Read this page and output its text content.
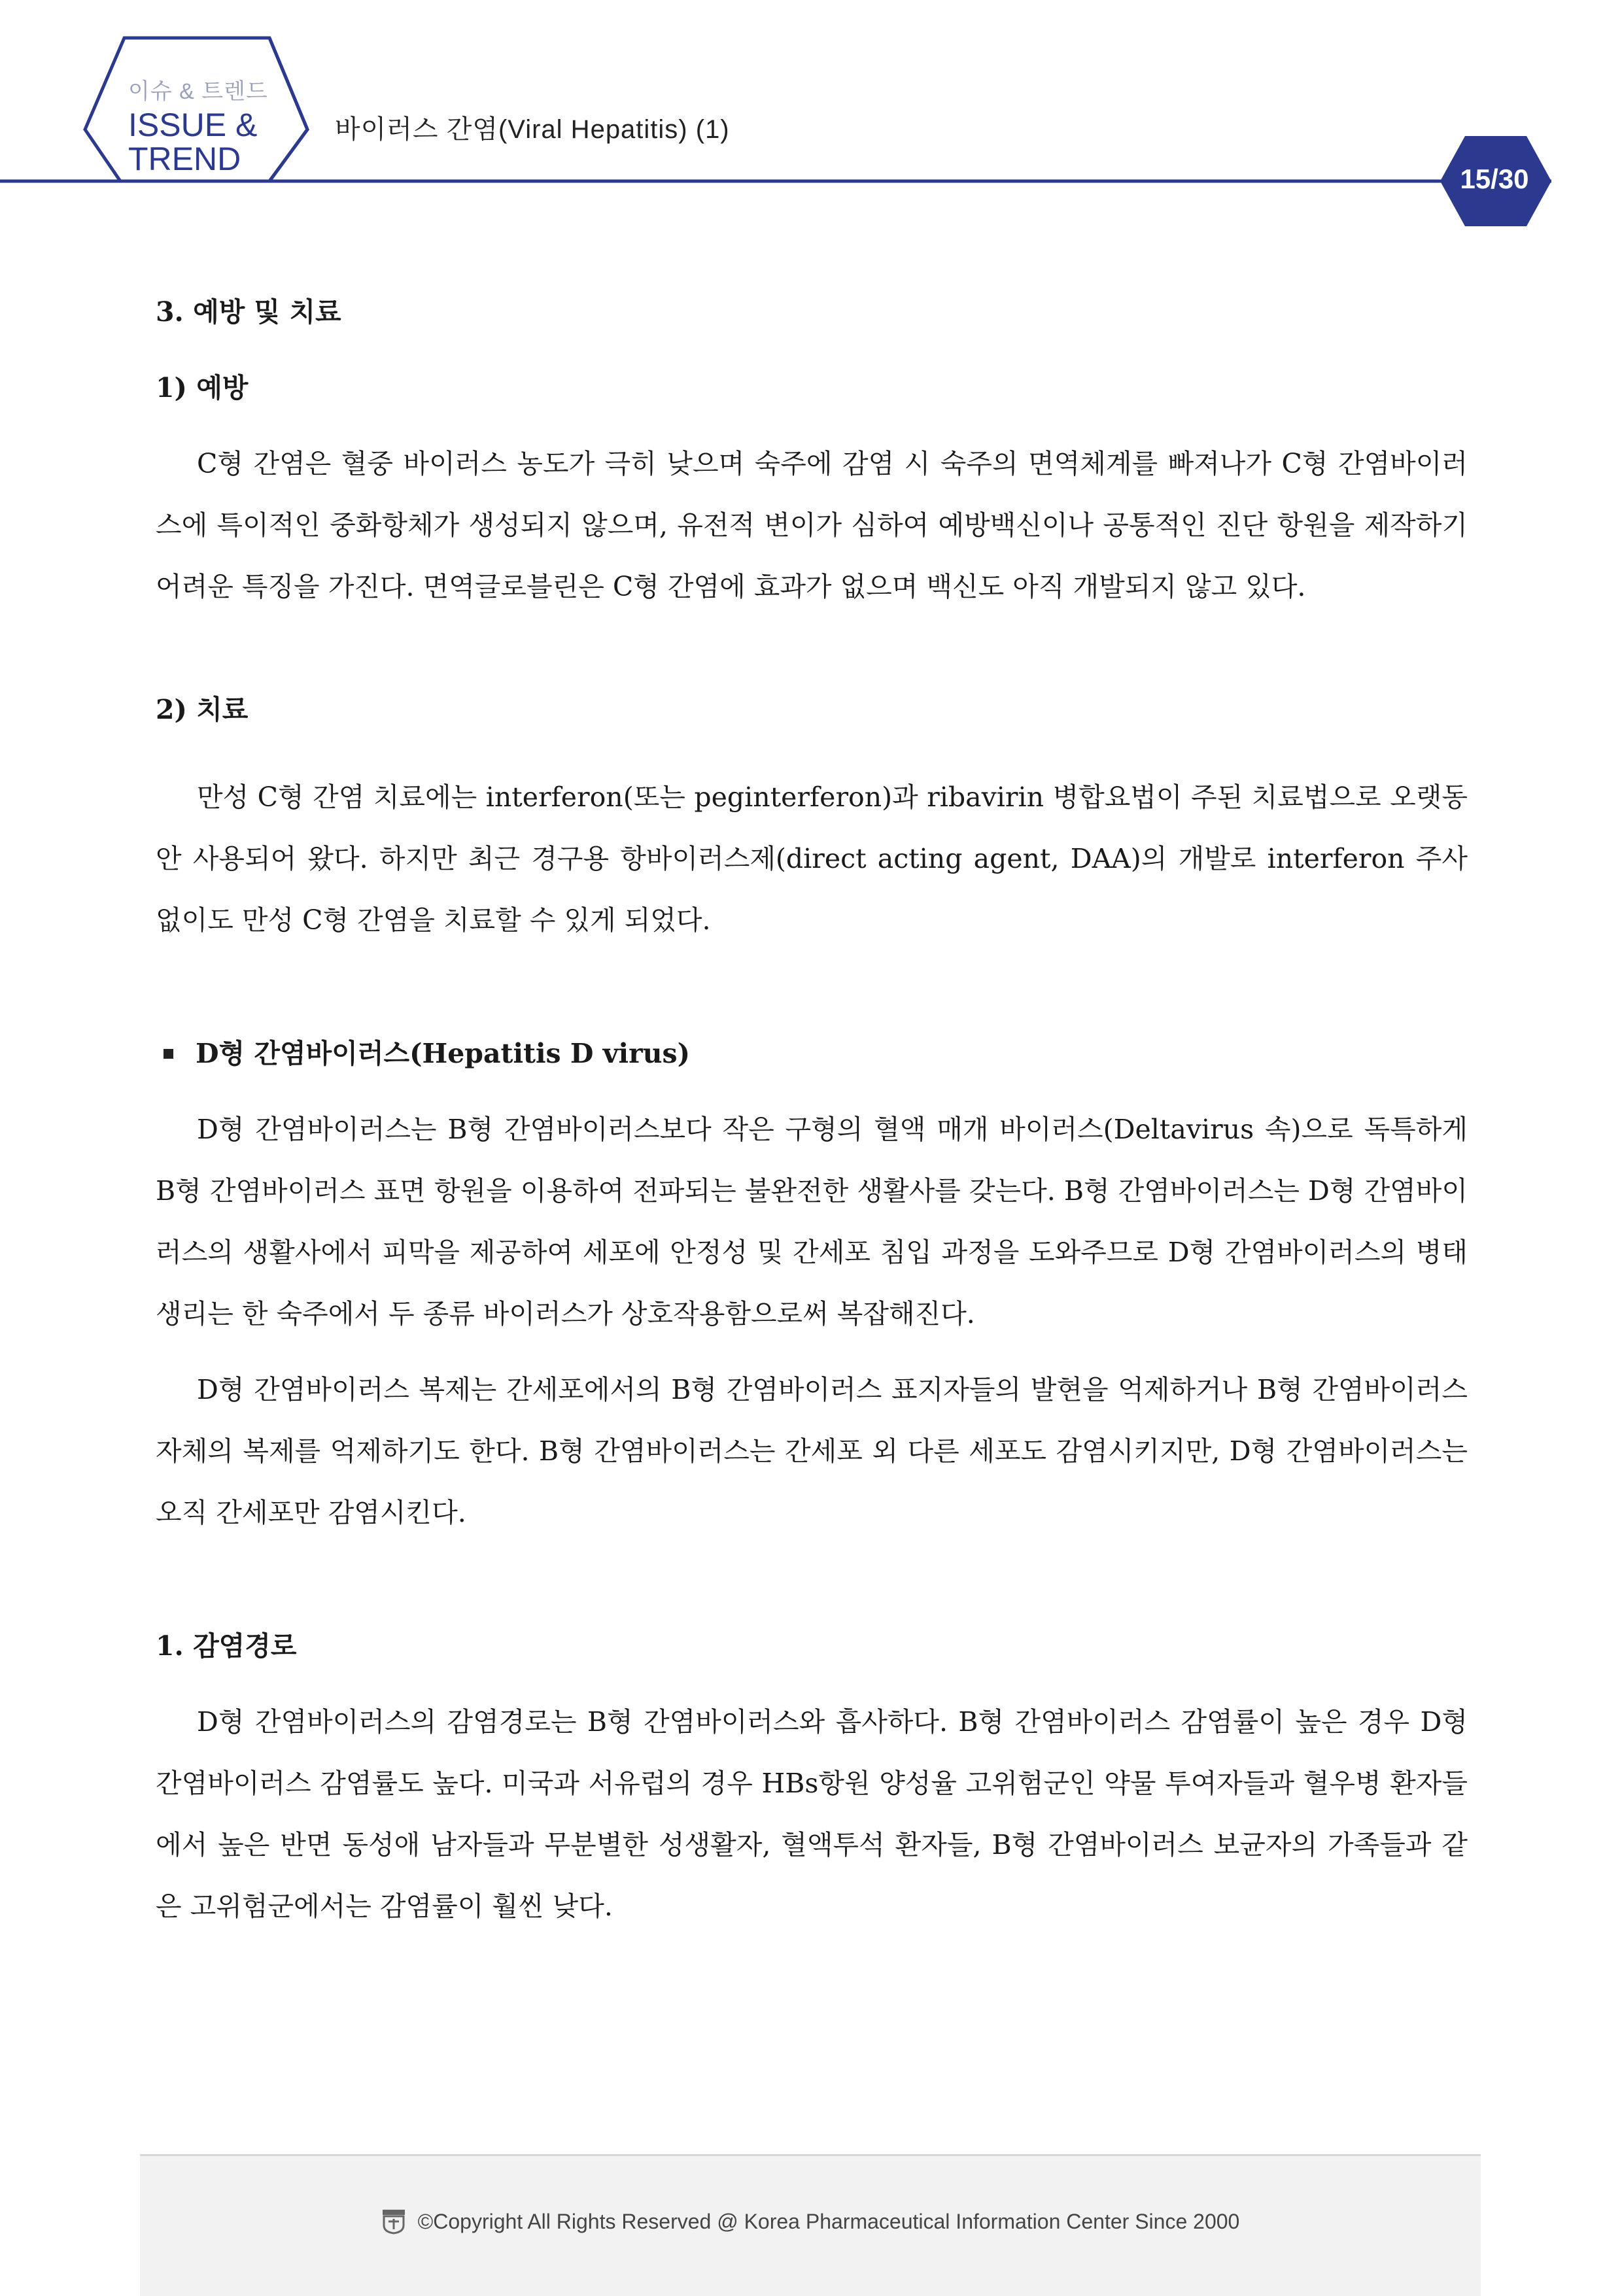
이슈 & 트렌드
ISSUE &
TREND
바이러스 간염(Viral Hepatitis) (1)
15/30

3. 예방 및 치료

1) 예방

C형 간염은 혈중 바이러스 농도가 극히 낮으며 숙주에 감염 시 숙주의 면역체계를 빠져나가 C형 간염바이러스에 특이적인 중화항체가 생성되지 않으며, 유전적 변이가 심하여 예방백신이나 공통적인 진단 항원을 제작하기 어려운 특징을 가진다. 면역글로블린은 C형 간염에 효과가 없으며 백신도 아직 개발되지 않고 있다.

2) 치료

만성 C형 간염 치료에는 interferon(또는 peginterferon)과 ribavirin 병합요법이 주된 치료법으로 오랫동안 사용되어 왔다. 하지만 최근 경구용 항바이러스제(direct acting agent, DAA)의 개발로 interferon 주사 없이도 만성 C형 간염을 치료할 수 있게 되었다.

D형 간염바이러스(Hepatitis D virus)

D형 간염바이러스는 B형 간염바이러스보다 작은 구형의 혈액 매개 바이러스(Deltavirus 속)으로 독특하게 B형 간염바이러스 표면 항원을 이용하여 전파되는 불완전한 생활사를 갖는다. B형 간염바이러스는 D형 간염바이러스의 생활사에서 피막을 제공하여 세포에 안정성 및 간세포 침입 과정을 도와주므로 D형 간염바이러스의 병태생리는 한 숙주에서 두 종류 바이러스가 상호작용함으로써 복잡해진다.

D형 간염바이러스 복제는 간세포에서의 B형 간염바이러스 표지자들의 발현을 억제하거나 B형 간염바이러스 자체의 복제를 억제하기도 한다. B형 간염바이러스는 간세포 외 다른 세포도 감염시키지만, D형 간염바이러스는 오직 간세포만 감염시킨다.

1. 감염경로

D형 간염바이러스의 감염경로는 B형 간염바이러스와 흡사하다. B형 간염바이러스 감염률이 높은 경우 D형 간염바이러스 감염률도 높다. 미국과 서유럽의 경우 HBs항원 양성율 고위험군인 약물 투여자들과 혈우병 환자들에서 높은 반면 동성애 남자들과 무분별한 성생활자, 혈액투석 환자들, B형 간염바이러스 보균자의 가족들과 같은 고위험군에서는 감염률이 훨씬 낮다.

©Copyright All Rights Reserved @ Korea Pharmaceutical Information Center Since 2000
